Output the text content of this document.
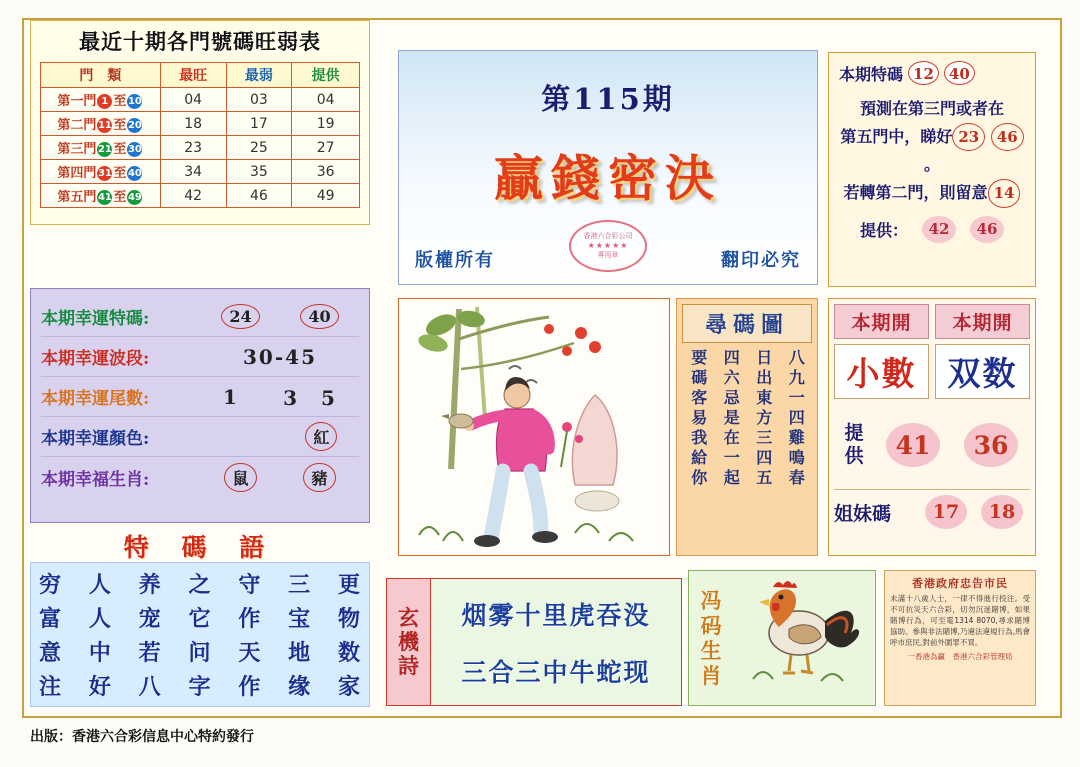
最近十期各門號碼旺弱表
門　類	最旺	最弱	提供
第一門 1 至 10	04	03	04
第二門 11 至 20	18	17	19
第三門 21 至 30	23	25	27
第四門 31 至 40	34	35	36
第五門 41 至 49	42	46	49
第115期
贏錢密決
版權所有
香港六合彩公司
★★★★★
專用章	翻印必究
本期特碼 12	40
預測在第三門或者在
第五門中，睇好 23 46。
若轉第二門，則留意 14
提供：	42	46
本期幸運特碼:	24	40
本期幸運波段:	30-45
本期幸運尾數:	1 3　5
本期幸運顏色:	紅
本期幸福生肖:	鼠	豬
特 碼 語
穷 人 养 之 守 三 更
富 人 宠 它 作 宝 物
意 中 若 问 天 地 数
注 好 八 字 作 缘 家
尋碼圖
要碼客易我給你 四六忌是在一起 日出東方三四五 八九一四雞鳴春
本期開	本期開
小數 双数
提
供	41	36
姐妹碼	17	18
玄
機
詩
烟雾十里虎吞没
三合三中牛蛇现
冯
码
生
肖
香港政府忠告市民
未滿十八歲人士，一律不得進行投注。受不可抗災天六合彩，切勿沉迷賭博，如果賭博行為，可至電1314 8070,尋求賭博協助。參與非法賭博,乃違法違規行為,馬會呼市庶民,對前外圍罪不買。
一香港為贏　香港六合彩管理局
出版：香港六合彩信息中心特約發行
